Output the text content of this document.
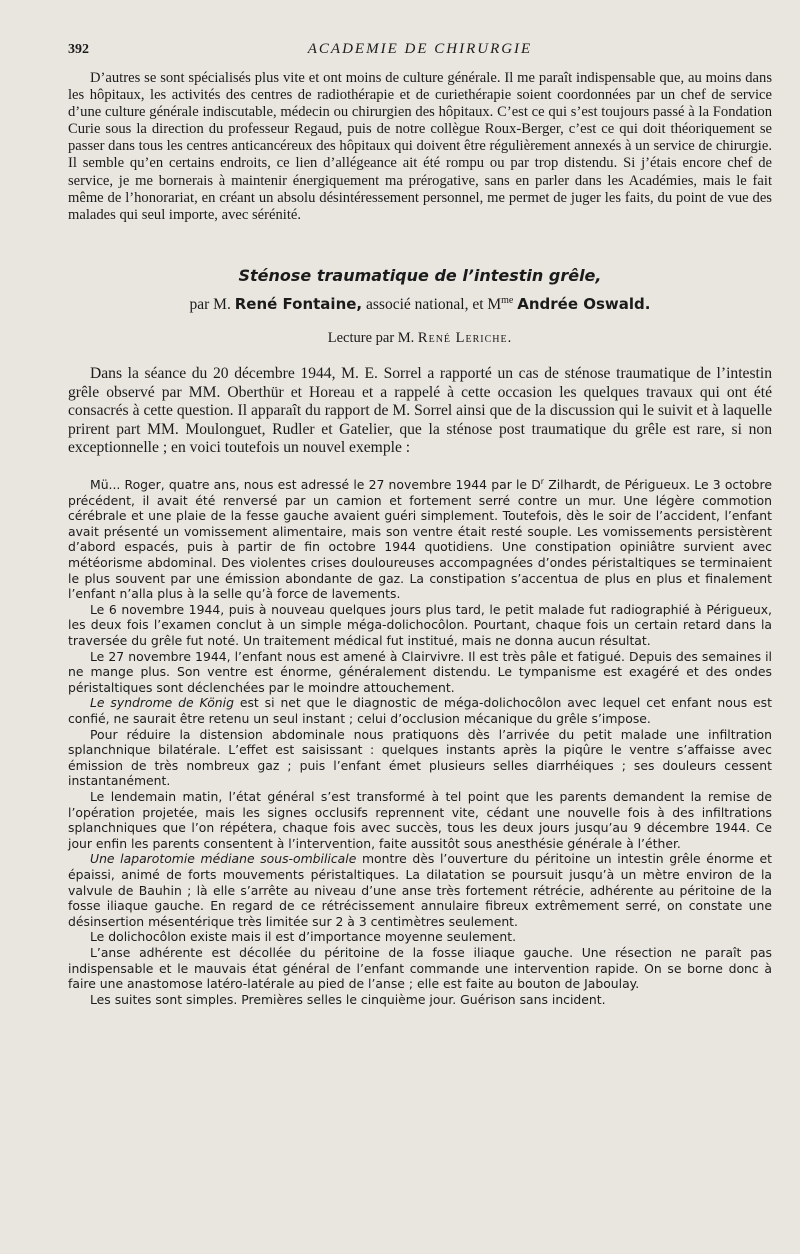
392	ACADEMIE DE CHIRURGIE

D’autres se sont spécialisés plus vite et ont moins de culture générale. Il me paraît indispensable que, au moins dans les hôpitaux, les activités des centres de radiothérapie et de curiethérapie soient coordonnées par un chef de service d’une culture générale indiscutable, médecin ou chirurgien des hôpitaux. C’est ce qui s’est toujours passé à la Fondation Curie sous la direction du professeur Regaud, puis de notre collègue Roux-Berger, c’est ce qui doit théoriquement se passer dans tous les centres anticancéreux des hôpitaux qui doivent être régulièrement annexés à un service de chirurgie. Il semble qu’en certains endroits, ce lien d’allégeance ait été rompu ou par trop distendu. Si j’étais encore chef de service, je me bornerais à maintenir énergiquement ma prérogative, sans en parler dans les Académies, mais le fait même de l’honorariat, en créant un absolu désintéressement personnel, me permet de juger les faits, du point de vue des malades qui seul importe, avec sérénité.

Sténose traumatique de l’intestin grêle,
par M. René Fontaine, associé national, et $M^{me}$ Andrée Oswald.
Lecture par M. René Leriche.

Dans la séance du 20 décembre 1944, M. E. Sorrel a rapporté un cas de sténose traumatique de l’intestin grêle observé par MM. Oberthür et Horeau et a rappelé à cette occasion les quelques travaux qui ont été consacrés à cette question. Il apparaît du rapport de M. Sorrel ainsi que de la discussion qui le suivit et à laquelle prirent part MM. Moulonguet, Rudler et Gatelier, que la sténose post traumatique du grêle est rare, si non exceptionnelle ; en voici toutefois un nouvel exemple :

Mü... Roger, quatre ans, nous est adressé le 27 novembre 1944 par le $D^r$ Zilhardt, de Périgueux. Le 3 octobre précédent, il avait été renversé par un camion et fortement serré contre un mur. Une légère commotion cérébrale et une plaie de la fesse gauche avaient guéri simplement. Toutefois, dès le soir de l’accident, l’enfant avait présenté un vomissement alimentaire, mais son ventre était resté souple. Les vomissements persistèrent d’abord espacés, puis à partir de fin octobre 1944 quotidiens. Une constipation opiniâtre survient avec météorisme abdominal. Des violentes crises douloureuses accompagnées d’ondes péristaltiques se terminaient le plus souvent par une émission abondante de gaz. La constipation s’accentua de plus en plus et finalement l’enfant n’alla plus à la selle qu’à force de lavements.

Le 6 novembre 1944, puis à nouveau quelques jours plus tard, le petit malade fut radiographié à Périgueux, les deux fois l’examen conclut à un simple méga-dolichocôlon. Pourtant, chaque fois un certain retard dans la traversée du grêle fut noté. Un traitement médical fut institué, mais ne donna aucun résultat.

Le 27 novembre 1944, l’enfant nous est amené à Clairvivre. Il est très pâle et fatigué. Depuis des semaines il ne mange plus. Son ventre est énorme, généralement distendu. Le tympanisme est exagéré et des ondes péristaltiques sont déclenchées par le moindre attouchement.

Le syndrome de König est si net que le diagnostic de méga-dolichocôlon avec lequel cet enfant nous est confié, ne saurait être retenu un seul instant ; celui d’occlusion mécanique du grêle s’impose.

Pour réduire la distension abdominale nous pratiquons dès l’arrivée du petit malade une infiltration splanchnique bilatérale. L’effet est saisissant : quelques instants après la piqûre le ventre s’affaisse avec émission de très nombreux gaz ; puis l’enfant émet plusieurs selles diarrhéiques ; ses douleurs cessent instantanément.

Le lendemain matin, l’état général s’est transformé à tel point que les parents demandent la remise de l’opération projetée, mais les signes occlusifs reprennent vite, cédant une nouvelle fois à des infiltrations splanchniques que l’on répétera, chaque fois avec succès, tous les deux jours jusqu’au 9 décembre 1944. Ce jour enfin les parents consentent à l’intervention, faite aussitôt sous anesthésie générale à l’éther.

Une laparotomie médiane sous-ombilicale montre dès l’ouverture du péritoine un intestin grêle énorme et épaissi, animé de forts mouvements péristaltiques. La dilatation se poursuit jusqu’à un mètre environ de la valvule de Bauhin ; là elle s’arrête au niveau d’une anse très fortement rétrécie, adhérente au péritoine de la fosse iliaque gauche. En regard de ce rétrécissement annulaire fibreux extrêmement serré, on constate une désinsertion mésentérique très limitée sur 2 à 3 centimètres seulement.

Le dolichocôlon existe mais il est d’importance moyenne seulement.

L’anse adhérente est décollée du péritoine de la fosse iliaque gauche. Une résection ne paraît pas indispensable et le mauvais état général de l’enfant commande une intervention rapide. On se borne donc à faire une anastomose latéro-latérale au pied de l’anse ; elle est faite au bouton de Jaboulay.

Les suites sont simples. Premières selles le cinquième jour. Guérison sans incident.
